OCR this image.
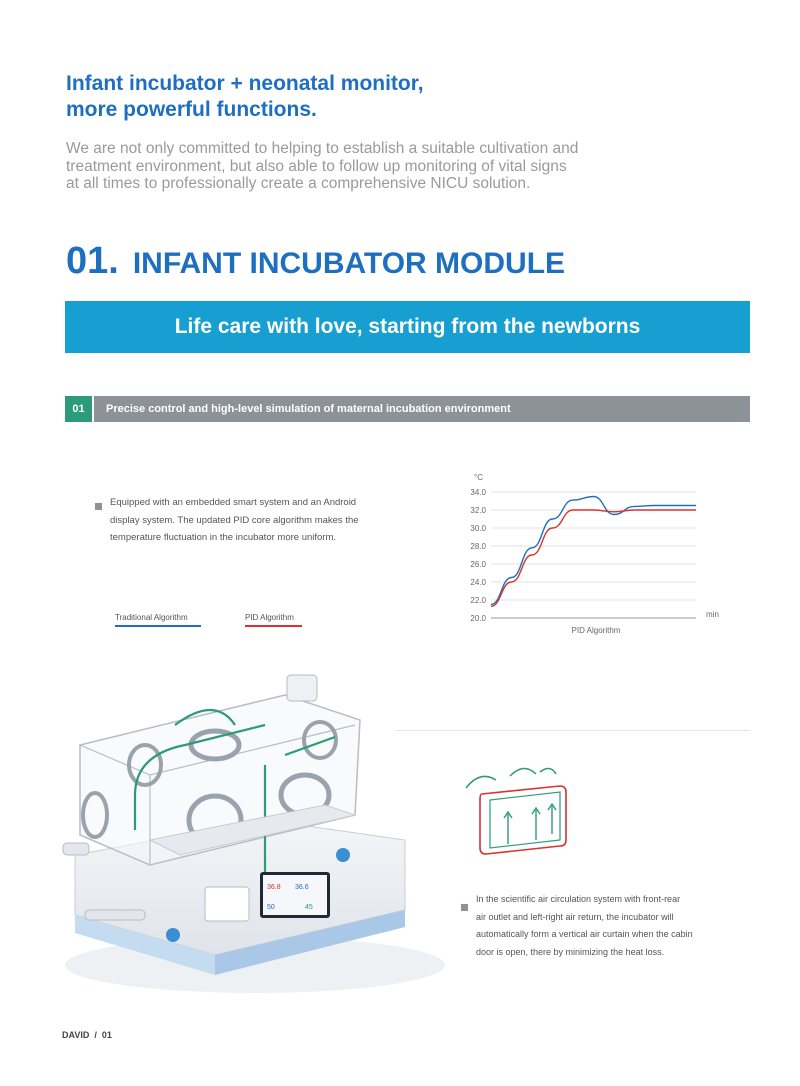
Infant incubator + neonatal monitor,
more powerful functions.
We are not only committed to helping to establish a suitable cultivation and
treatment environment, but also able to follow up monitoring of vital signs
at all times to professionally create a comprehensive NICU solution.
01. INFANT INCUBATOR MODULE
Life care with love, starting from the newborns
01	Precise control and high-level simulation of maternal incubation environment
Equipped with an embedded smart system and an Android
display system. The updated PID core algorithm makes the
temperature fluctuation in the incubator more uniform.
Traditional Algorithm	PID Algorithm
34.0
32.0
30.0
28.0
26.0
24.0
22.0
20.0
°C
min
PID Algorithm
36.8 36.6
50	45
In the scientific air circulation system with front-rear
air outlet and left-right air return, the incubator will
automatically form a vertical air curtain when the cabin
door is open, there by minimizing the heat loss.
DAVID  /  01
